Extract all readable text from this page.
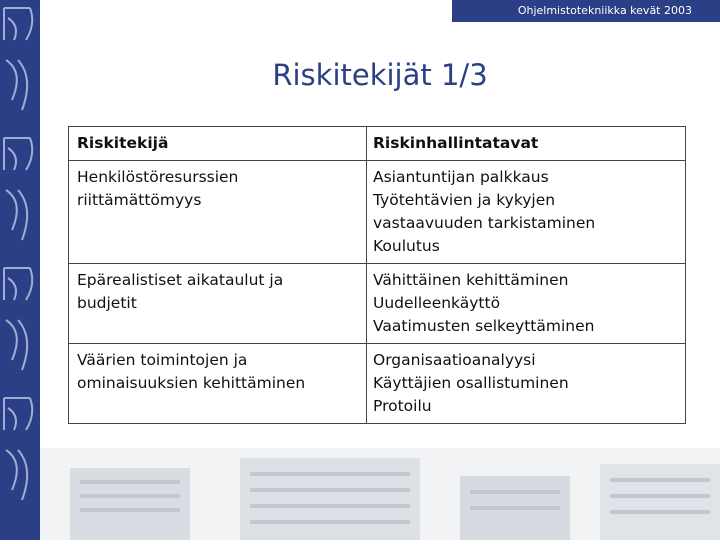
Ohjelmistotekniikka kevät 2003
Riskitekijät 1/3
Riskitekijä	Riskinhallintatavat

Henkilöstöresurssien
riittämättömyys	Asiantuntijan palkkaus
Työtehtävien ja kykyjen
vastaavuuden tarkistaminen
Koulutus

Epärealistiset aikataulut ja
budjetit	Vähittäinen kehittäminen
Uudelleenkäyttö
Vaatimusten selkeyttäminen

Väärien toimintojen ja
ominaisuuksien kehittäminen	Organisaatioanalyysi
Käyttäjien osallistuminen
Protoilu
